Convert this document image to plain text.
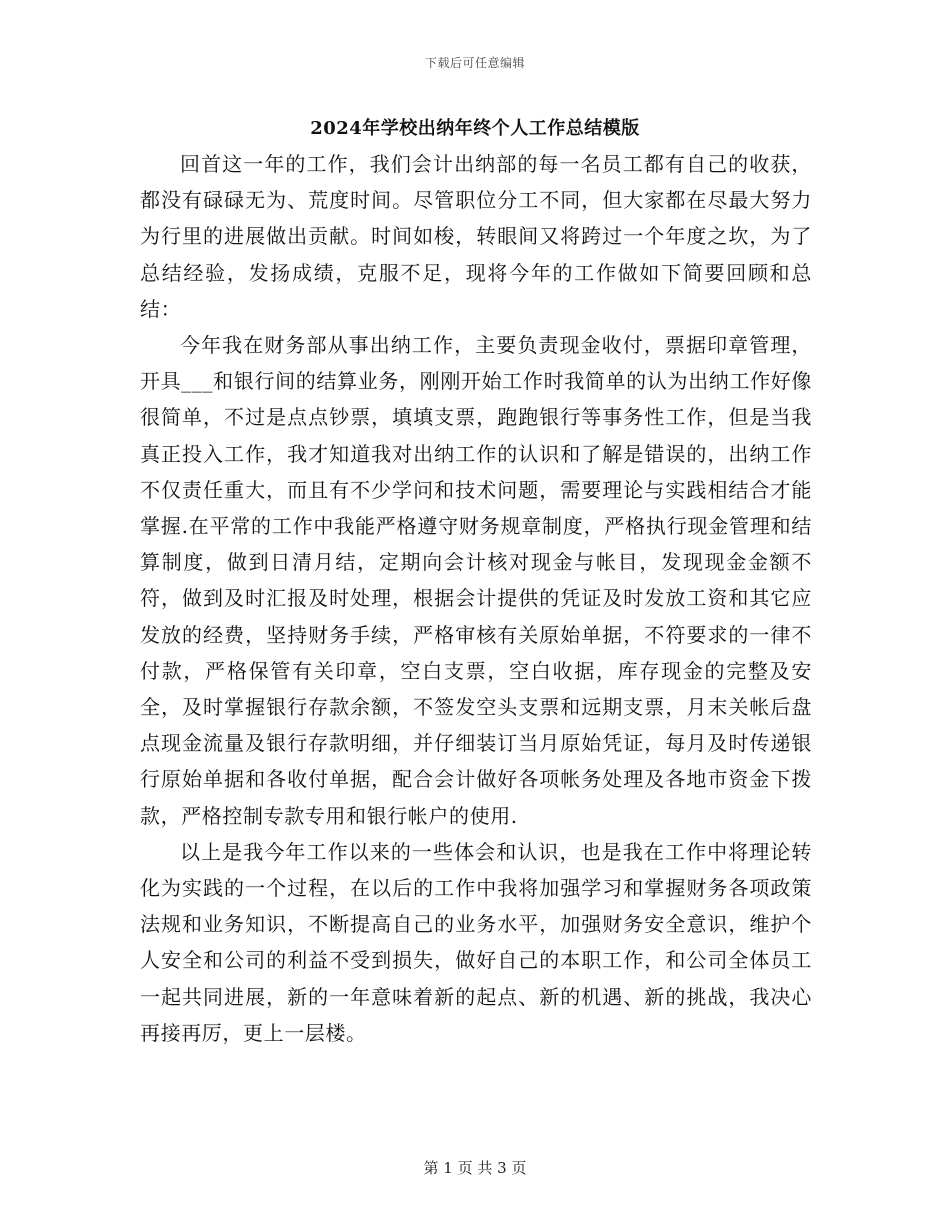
下载后可任意编辑
2024年学校出纳年终个人工作总结模版

回首这一年的工作，我们会计出纳部的每一名员工都有自己的收获，都没有碌碌无为、荒度时间。尽管职位分工不同，但大家都在尽最大努力为行里的进展做出贡献。时间如梭，转眼间又将跨过一个年度之坎，为了总结经验，发扬成绩，克服不足，现将今年的工作做如下简要回顾和总结：

今年我在财务部从事出纳工作，主要负责现金收付，票据印章管理，开具___和银行间的结算业务，刚刚开始工作时我简单的认为出纳工作好像很简单，不过是点点钞票，填填支票，跑跑银行等事务性工作，但是当我真正投入工作，我才知道我对出纳工作的认识和了解是错误的，出纳工作不仅责任重大，而且有不少学问和技术问题，需要理论与实践相结合才能掌握.在平常的工作中我能严格遵守财务规章制度，严格执行现金管理和结算制度，做到日清月结，定期向会计核对现金与帐目，发现现金金额不符，做到及时汇报及时处理，根据会计提供的凭证及时发放工资和其它应发放的经费，坚持财务手续，严格审核有关原始单据，不符要求的一律不付款，严格保管有关印章，空白支票，空白收据，库存现金的完整及安全，及时掌握银行存款余额，不签发空头支票和远期支票，月末关帐后盘点现金流量及银行存款明细，并仔细装订当月原始凭证，每月及时传递银行原始单据和各收付单据，配合会计做好各项帐务处理及各地市资金下拨款，严格控制专款专用和银行帐户的使用.

以上是我今年工作以来的一些体会和认识，也是我在工作中将理论转化为实践的一个过程，在以后的工作中我将加强学习和掌握财务各项政策法规和业务知识，不断提高自己的业务水平，加强财务安全意识，维护个人安全和公司的利益不受到损失，做好自己的本职工作，和公司全体员工一起共同进展，新的一年意味着新的起点、新的机遇、新的挑战，我决心再接再厉，更上一层楼。

第 1 页 共 3 页
